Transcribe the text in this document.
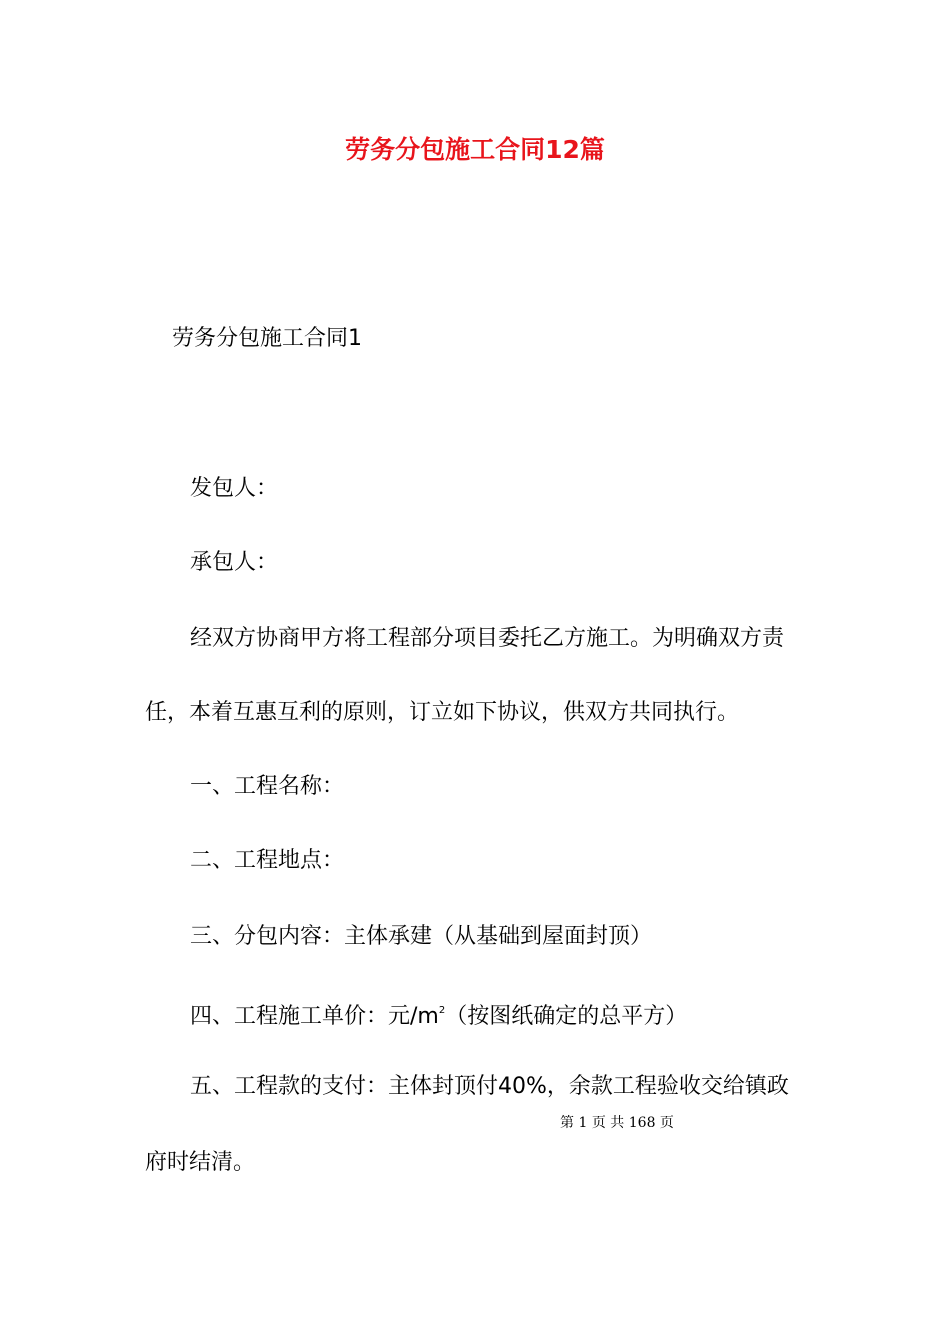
劳务分包施工合同12篇
劳务分包施工合同1
发包人：
承包人：
经双方协商甲方将工程部分项目委托乙方施工。为明确双方责
任，本着互惠互利的原则，订立如下协议，供双方共同执行。
一、工程名称：
二、工程地点：
三、分包内容：主体承建（从基础到屋面封顶）
四、工程施工单价：元$/m^2$（按图纸确定的总平方）
五、工程款的支付：主体封顶付40%，余款工程验收交给镇政
第 1 页 共 168 页
府时结清。
